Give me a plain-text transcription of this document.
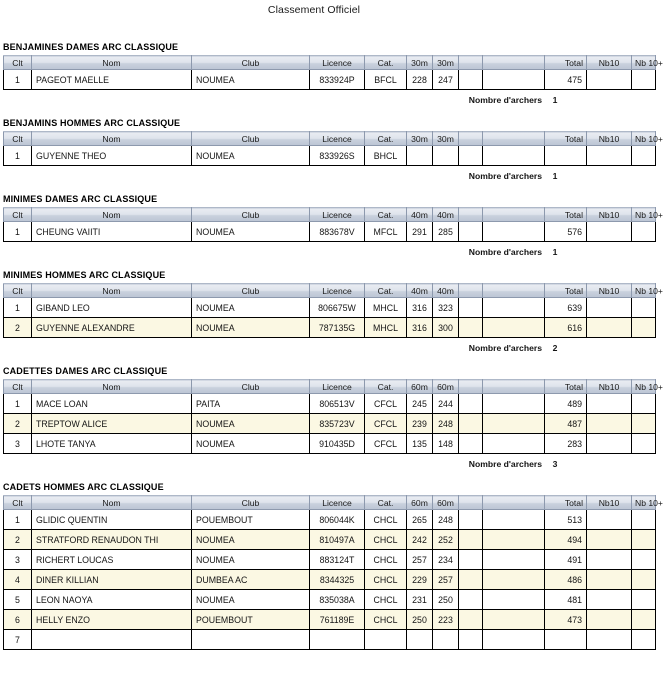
Classement Officiel
BENJAMINES DAMES ARC CLASSIQUE
Clt	Nom	Club	Licence	Cat.	30m	30m			Total	Nb10	Nb 10+
1	PAGEOT MAELLE	NOUMEA	833924P	BFCL	228	247			475		
Nombre d'archers 1
BENJAMINS HOMMES ARC CLASSIQUE
Clt	Nom	Club	Licence	Cat.	30m	30m			Total	Nb10	Nb 10+
1	GUYENNE THEO	NOUMEA	833926S	BHCL							
Nombre d'archers 1
MINIMES DAMES ARC CLASSIQUE
Clt	Nom	Club	Licence	Cat.	40m	40m			Total	Nb10	Nb 10+
1	CHEUNG VAIITI	NOUMEA	883678V	MFCL	291	285			576		
Nombre d'archers 1
MINIMES HOMMES ARC CLASSIQUE
Clt	Nom	Club	Licence	Cat.	40m	40m			Total	Nb10	Nb 10+
1	GIBAND LEO	NOUMEA	806675W	MHCL	316	323			639		
2	GUYENNE ALEXANDRE	NOUMEA	787135G	MHCL	316	300			616		
Nombre d'archers 2
CADETTES DAMES ARC CLASSIQUE
Clt	Nom	Club	Licence	Cat.	60m	60m			Total	Nb10	Nb 10+
1	MACE LOAN	PAITA	806513V	CFCL	245	244			489		
2	TREPTOW ALICE	NOUMEA	835723V	CFCL	239	248			487		
3	LHOTE TANYA	NOUMEA	910435D	CFCL	135	148			283		
Nombre d'archers 3
CADETS HOMMES ARC CLASSIQUE
Clt	Nom	Club	Licence	Cat.	60m	60m			Total	Nb10	Nb 10+
1	GLIDIC QUENTIN	POUEMBOUT	806044K	CHCL	265	248			513		
2	STRATFORD RENAUDON THI	NOUMEA	810497A	CHCL	242	252			494		
3	RICHERT LOUCAS	NOUMEA	883124T	CHCL	257	234			491		
4	DINER KILLIAN	DUMBEA AC	8344325	CHCL	229	257			486		
5	LEON NAOYA	NOUMEA	835038A	CHCL	231	250			481		
6	HELLY ENZO	POUEMBOUT	761189E	CHCL	250	223			473		
7											
